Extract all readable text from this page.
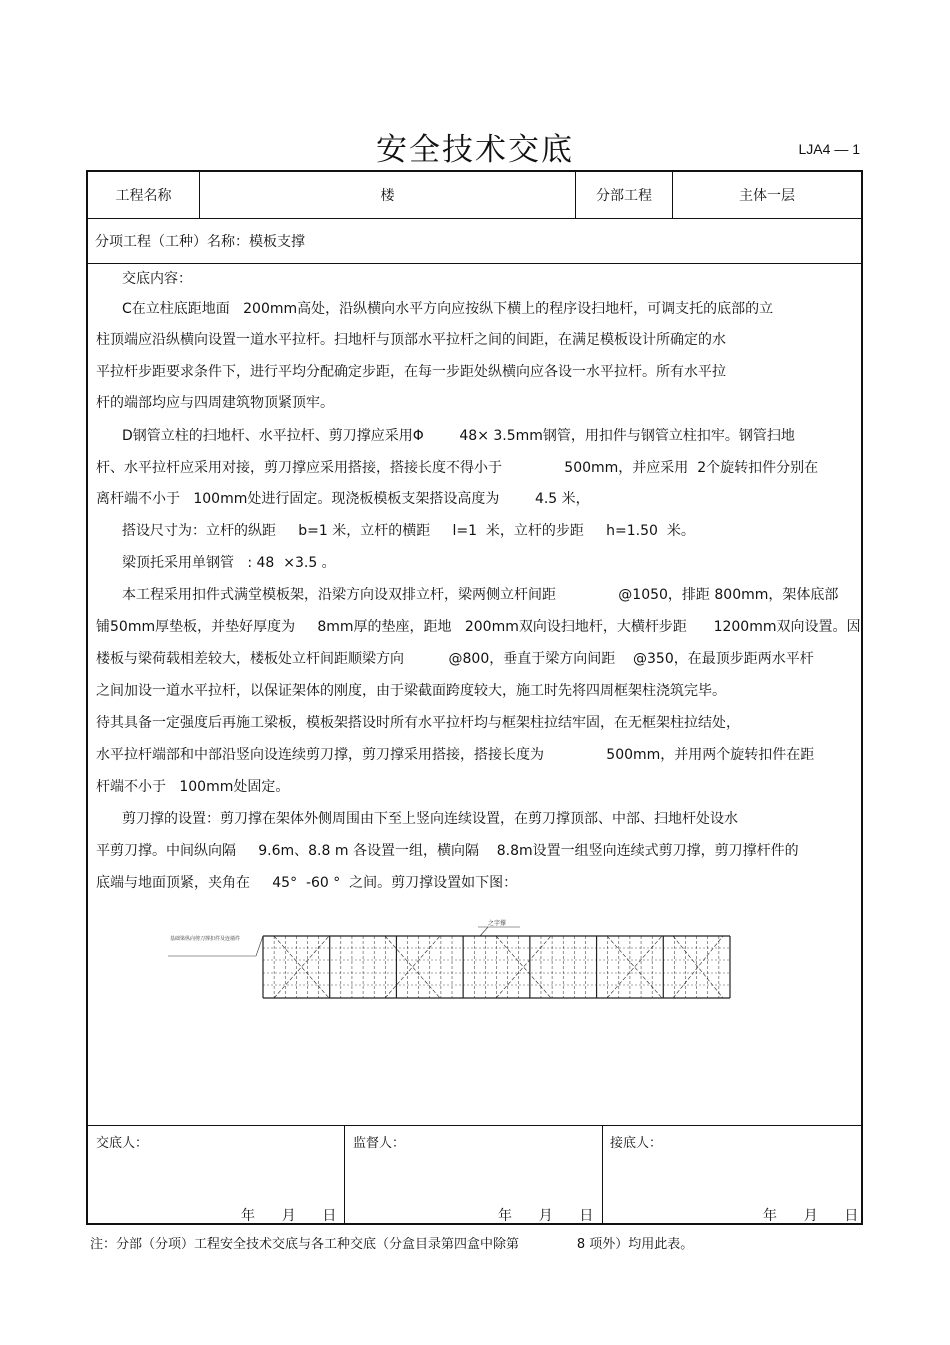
安全技术交底	LJA4 — 1
工程名称	楼	分部工程	主体一层
分项工程（工种）名称：模板支撑
交底内容：
C在立柱底距地面   200mm高处，沿纵横向水平方向应按纵下横上的程序设扫地杆，可调支托的底部的立
柱顶端应沿纵横向设置一道水平拉杆。扫地杆与顶部水平拉杆之间的间距，在满足模板设计所确定的水
平拉杆步距要求条件下，进行平均分配确定步距，在每一步距处纵横向应各设一水平拉杆。所有水平拉
杆的端部均应与四周建筑物顶紧顶牢。
D钢管立柱的扫地杆、水平拉杆、剪刀撑应采用Φ        48× 3.5mm钢管，用扣件与钢管立柱扣牢。钢管扫地
杆、水平拉杆应采用对接，剪刀撑应采用搭接，搭接长度不得小于              500mm，并应采用  2个旋转扣件分别在
离杆端不小于   100mm处进行固定。现浇板模板支架搭设高度为        4.5 米，
搭设尺寸为：立杆的纵距     b=1 米，立杆的横距     l=1  米，立杆的步距     h=1.50  米。
梁顶托采用单钢管   : 48  ×3.5 。
本工程采用扣件式满堂模板架，沿梁方向设双排立杆，梁两侧立杆间距              @1050，排距 800mm，架体底部
铺50mm厚垫板，并垫好厚度为     8mm厚的垫座，距地   200mm双向设扫地杆，大横杆步距      1200mm双向设置。因
楼板与梁荷载相差较大，楼板处立杆间距顺梁方向          @800，垂直于梁方向间距    @350，在最顶步距两水平杆
之间加设一道水平拉杆，以保证架体的刚度，由于梁截面跨度较大，施工时先将四周框架柱浇筑完毕。
待其具备一定强度后再施工梁板，模板架搭设时所有水平拉杆均与框架柱拉结牢固，在无框架柱拉结处，
水平拉杆端部和中部沿竖向设连续剪刀撑，剪刀撑采用搭接，搭接长度为              500mm，并用两个旋转扣件在距
杆端不小于   100mm处固定。
剪刀撑的设置：剪刀撑在架体外侧周围由下至上竖向连续设置，在剪刀撑顶部、中部、扫地杆处设水
平剪刀撑。中间纵向隔     9.6m、8.8 m 各设置一组，横向隔    8.8m设置一组竖向连续式剪刀撑，剪刀撑杆件的
底端与地面顶紧，夹角在     45°  -60 °  之间。剪刀撑设置如下图：
基础梁纵向剪刀撑扣件及连墙件
之字撑
交底人：	监督人：	接底人：
年      月      日	年      月      日	年      月      日
注：分部（分项）工程安全技术交底与各工种交底（分盒目录第四盒中除第              8 项外）均用此表。
